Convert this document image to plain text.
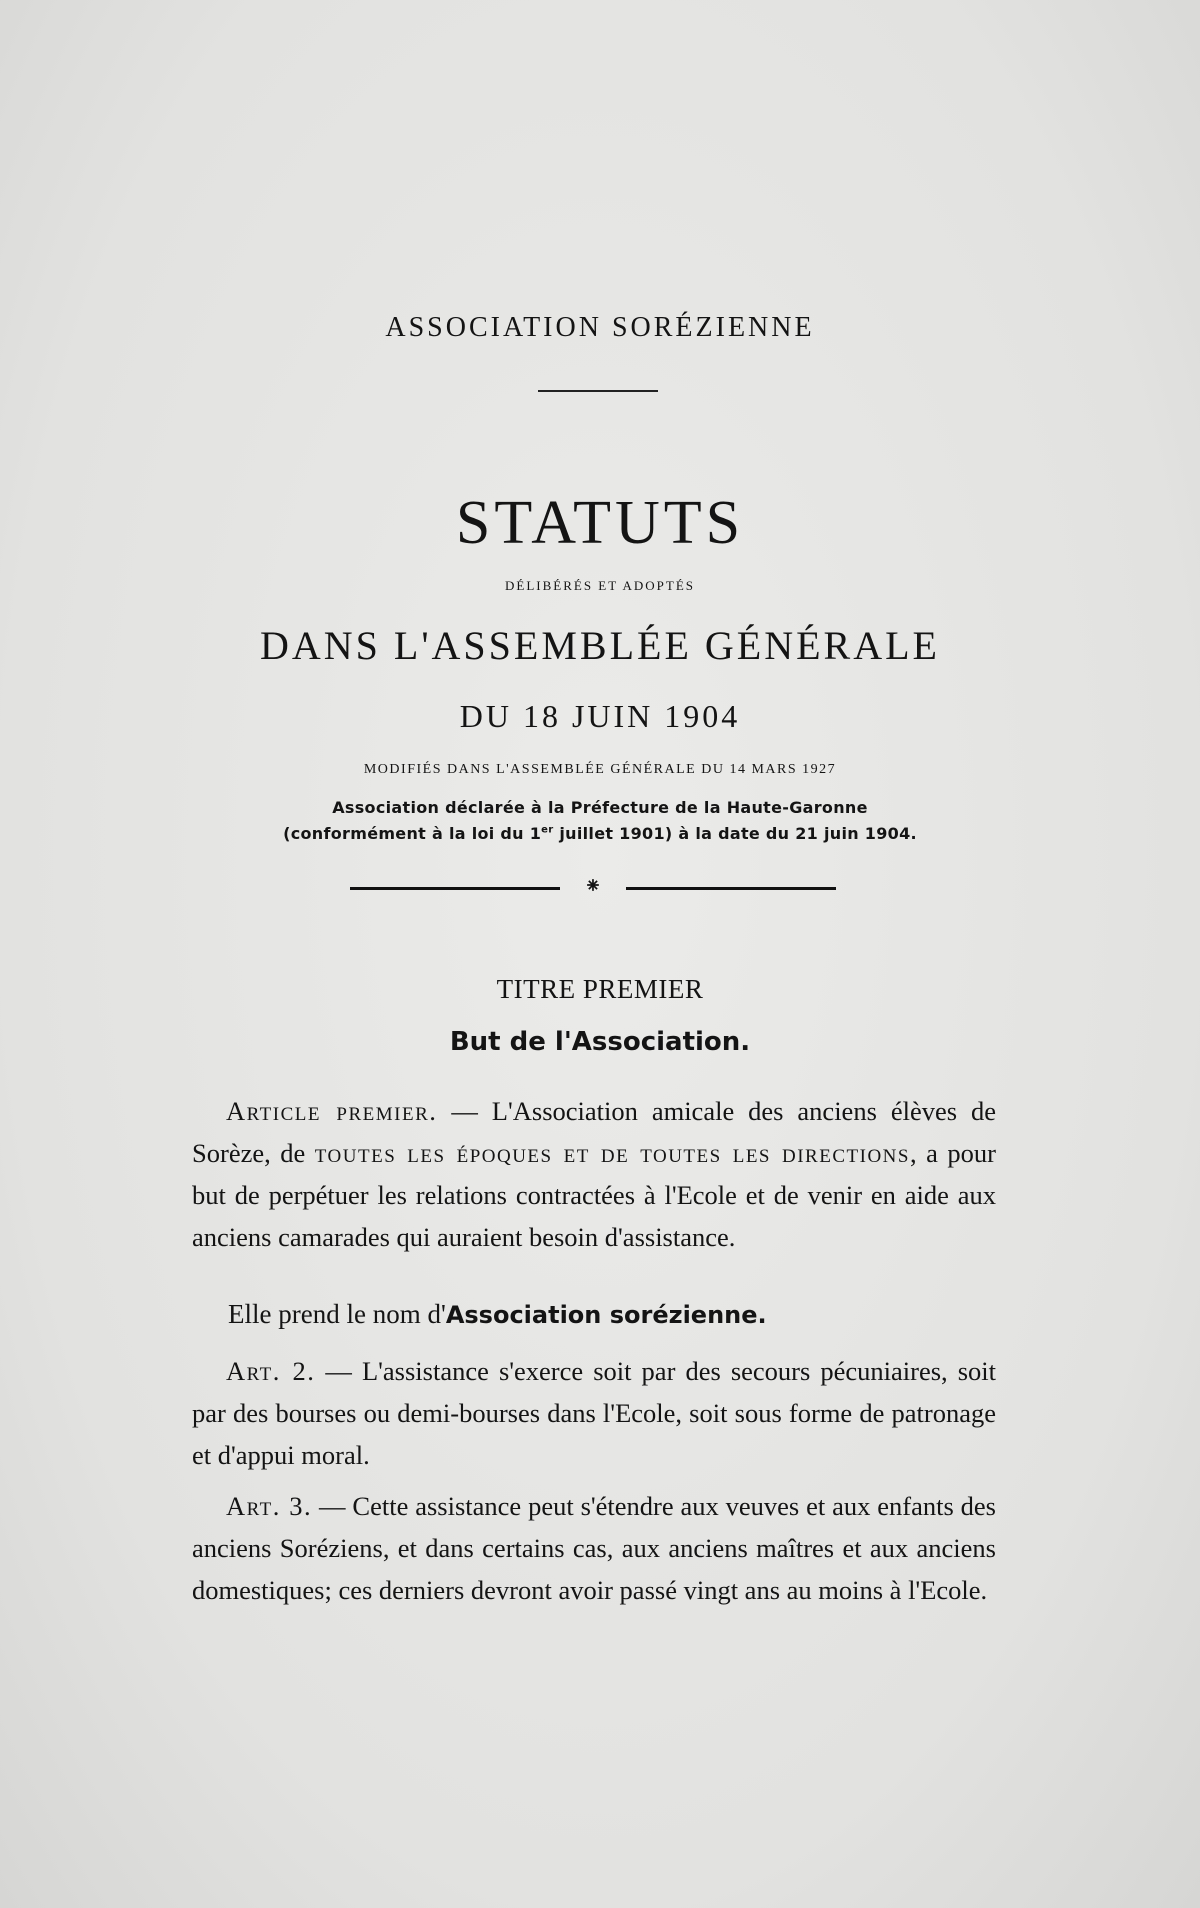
ASSOCIATION SORÉZIENNE
STATUTS
DÉLIBÉRÉS ET ADOPTÉS
DANS L'ASSEMBLÉE GÉNÉRALE
DU 18 JUIN 1904
MODIFIÉS DANS L'ASSEMBLÉE GÉNÉRALE DU 14 MARS 1927
Association déclarée à la Préfecture de la Haute-Garonne
(conformément à la loi du 1er juillet 1901) à la date du 21 juin 1904.
⁕
TITRE PREMIER
But de l'Association.
Article premier. — L'Association amicale des anciens élèves de Sorèze, de toutes les époques et de toutes les directions, a pour but de perpétuer les relations contractées à l'Ecole et de venir en aide aux anciens camarades qui auraient besoin d'assistance.
Elle prend le nom d'Association sorézienne.
Art. 2. — L'assistance s'exerce soit par des secours pécuniaires, soit par des bourses ou demi-bourses dans l'Ecole, soit sous forme de patronage et d'appui moral.
Art. 3. — Cette assistance peut s'étendre aux veuves et aux enfants des anciens Soréziens, et dans certains cas, aux anciens maîtres et aux anciens domestiques; ces derniers devront avoir passé vingt ans au moins à l'Ecole.
